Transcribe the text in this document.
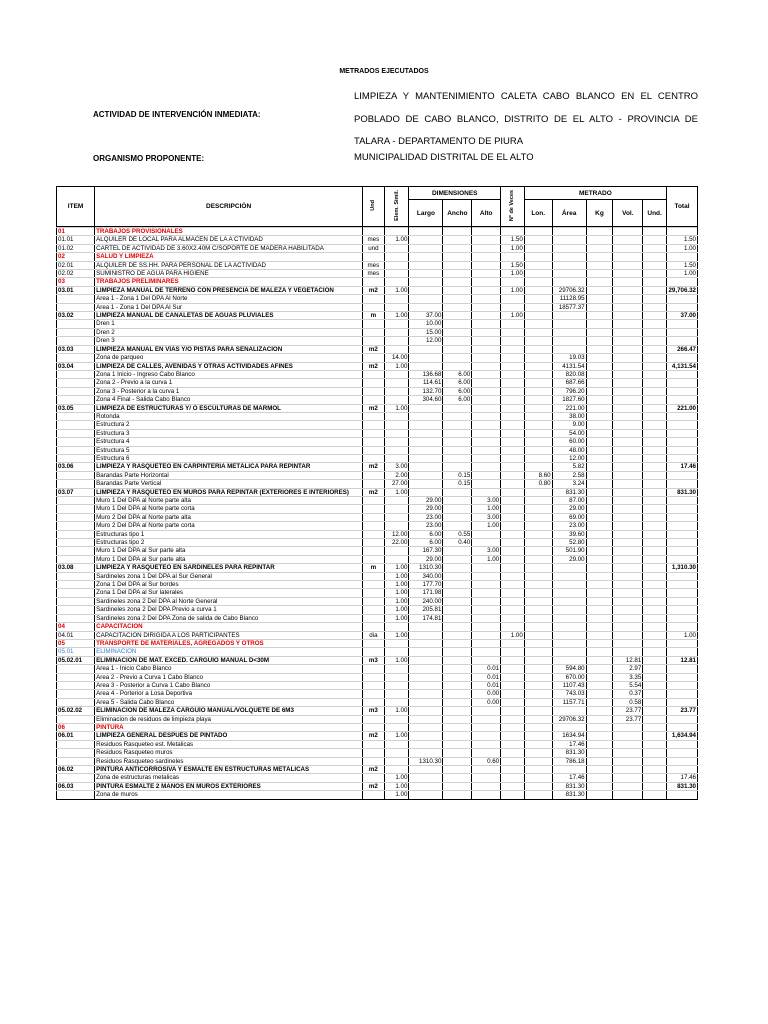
METRADOS EJECUTADOS
ACTIVIDAD DE INTERVENCIÓN INMEDIATA:
LIMPIEZA Y MANTENIMIENTO CALETA CABO BLANCO EN EL CENTRO POBLADO DE CABO BLANCO, DISTRITO DE EL ALTO - PROVINCIA DE TALARA - DEPARTAMENTO DE PIURA
ORGANISMO PROPONENTE:	MUNICIPALIDAD DISTRITAL DE EL ALTO
ITEM	DESCRIPCIÓN	Und	Elem. Simil.	DIMENSIONES			Nº de Veces	METRADO					Total
				Largo	Ancho	Alto		Lon.	Área	Kg	Vol.	Und.	
01	TRABAJOS PROVISIONALES												
01.01	ALQUILER DE LOCAL PARA ALMACEN DE LA A CTIVIDAD	mes	1.00				1.50						1.50
01.02	CARTEL DE ACTIVIDAD DE 3.60X2.40M C/SOPORTE DE MADERA HABILITADA	und					1.00						1.00
02	SALUD Y LIMPIEZA												
02.01	ALQUILER DE SS.HH. PARA PERSONAL DE LA ACTIVIDAD	mes					1.50						1.50
02.02	SUMINISTRO DE AGUA PARA HIGIENE	mes					1.00						1.00
03	TRABAJOS PRELIMINARES												
03.01	LIMPIEZA MANUAL DE TERRENO CON PRESENCIA DE MALEZA Y VEGETACIÓN	m2	1.00				1.00		29706.32				29,706.32
	Area 1 - Zona 1 Del DPA Al Norte								11128.95				
	Area 1 - Zona 1 Del DPA Al Sur								18577.37				
03.02	LIMPIEZA MANUAL DE CANALETAS DE AGUAS PLUVIALES	m	1.00	37.00			1.00						37.00
	Dren 1			10.00									
	Dren 2			15.00									
	Dren 3			12.00									
03.03	LIMPIEZA MANUAL EN VÍAS Y/O PISTAS PARA SEÑALIZACIÓN	m2											266.47
	Zona de parqueo		14.00						19.03				
03.04	LIMPIEZA DE CALLES, AVENIDAS Y OTRAS ACTIVIDADES AFINES	m2	1.00						4131.54				4,131.54
	Zona 1 Inicio - Ingreso Cabo Blanco			136.68	6.00				820.08				
	Zona 2 - Previo a la curva 1			114.61	6.00				687.66				
	Zona 3 - Posterior a la curva 1			132.70	6.00				796.20				
	Zona 4 Final - Salida Cabo Blanco			304.60	6.00				1827.60				
03.05	LIMPIEZA DE ESTRUCTURAS Y/ O ESCULTURAS DE MÁRMOL	m2	1.00						221.00				221.00
	Rotonda								38.00				
	Estructura 2								9.00				
	Estructura 3								54.00				
	Estructura 4								60.00				
	Estructura 5								48.00				
	Estructura 6								12.00				
03.06	LIMPIEZA Y RASQUETEO EN CARPINTERIA METÁLICA PARA REPINTAR	m2	3.00						5.82				17.46
	Barandas Parte Horizontal		2.00		0.15			8.60	2.58				
	Barandas Parte Vertical		27.00		0.15			0.80	3.24				
03.07	LIMPIEZA Y RASQUETEO EN MUROS PARA REPINTAR (EXTERIORES E INTERIORES)	m2	1.00						831.30				831.30
	Muro 1 Del DPA al Norte parte alta			29.00		3.00			87.00				
	Muro 1 Del DPA al Norte parte corta			29.00		1.00			29.00				
	Muro 2 Del DPA al Norte parte alta			23.00		3.00			69.00				
	Muro 2 Del DPA al Norte parte corta			23.00		1.00			23.00				
	Estructuras tipo 1		12.00	6.00	0.55				39.60				
	Estructuras tipo 2		22.00	6.00	0.40				52.80				
	Muro 1 Del DPA al Sur parte alta			167.30		3.00			501.90				
	Muro 1 Del DPA al Sur parte alta			29.00		1.00			29.00				
03.08	LIMPIEZA Y RASQUETEO EN SARDINELES PARA REPINTAR	m	1.00	1310.30									1,310.30
	Sardineles zona 1 Del DPA al Sur General		1.00	340.00									
	Zona 1 Del DPA al Sur bordes		1.00	177.70									
	Zona 1 Del DPA al Sur laterales		1.00	171.98									
	Sardineles zona 2 Del DPA al Norte General		1.00	240.00									
	Sardineles zona 2 Del DPA Previo a curva 1		1.00	205.81									
	Sardineles zona 2 Del DPA Zona de salida de Cabo Blanco		1.00	174.81									
04	CAPACITACION												
04.01	CAPACITACIÓN DIRIGIDA A LOS PARTICIPANTES	dia	1.00				1.00						1.00
05	TRANSPORTE DE MATERIALES, AGREGADOS Y OTROS												
05.01	ELIMINACIÓN												
05.02.01	ELIMINACIÓN DE MAT. EXCED. CARGUÍO MANUAL D<30M	m3	1.00								12.81		12.81
	Area 1 - Inicio Cabo Blanco					0.01			594.80		2.97		
	Area 2 - Previo a Curva 1 Cabo Blanco					0.01			670.00		3.35		
	Area 3 - Posterior a Curva 1 Cabo Blanco					0.01			1107.43		5.54		
	Area 4 - Porterior a Losa Deportiva					0.00			743.03		0.37		
	Area 5 - Salida Cabo Blanco					0.00			1157.71		0.58		
05.02.02	ELIMINACIÓN DE MALEZA CARGUÍO MANUAL/VOLQUETE DE 6M3	m3	1.00								23.77		23.77
	Eliminacion de residuos de limpieza playa								29706.32		23.77		
06	PINTURA												
06.01	LIMPIEZA GENERAL DESPUÉS DE PINTADO	m2	1.00						1634.94				1,634.94
	Residuos Rasqueteo est. Metalicas								17.46				
	Residuos Rasqueteo muros								831.30				
	Residuos Rasqueteo sardineles			1310.30		0.60			786.18				
06.02	PINTURA ANTICORROSIVA Y ESMALTE EN ESTRUCTURAS METÁLICAS	m2											
	Zona de estructuras metalicas		1.00						17.46				17.46
06.03	PINTURA ESMALTE 2 MANOS EN MUROS EXTERIORES	m2	1.00						831.30				831.30
	Zona de muros		1.00						831.30				
